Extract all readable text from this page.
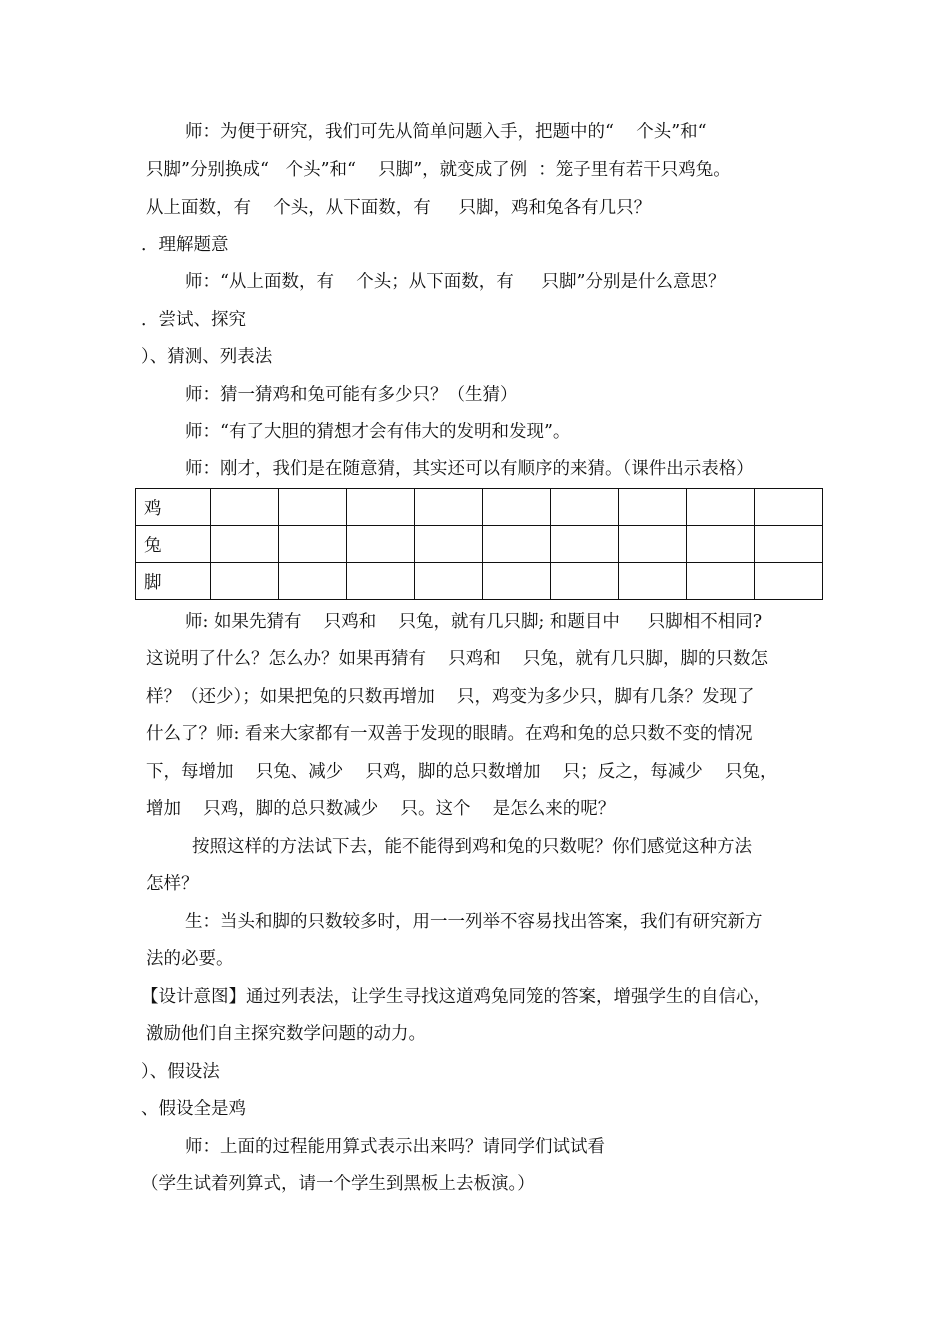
师：为便于研究，我们可先从简单问题入手，把题中的“    个头”和“
只脚”分别换成“   个头”和“    只脚”，就变成了例  ：笼子里有若干只鸡兔。
从上面数，有    个头，从下面数，有     只脚，鸡和兔各有几只？
．理解题意
师：“从上面数，有    个头；从下面数，有     只脚”分别是什么意思？
．尝试、探究
）、猜测、列表法
师：猜一猜鸡和兔可能有多少只？（生猜）
师：“有了大胆的猜想才会有伟大的发明和发现”。
师：刚才，我们是在随意猜，其实还可以有顺序的来猜。（课件出示表格）
鸡									
兔									
脚									
师: 如果先猜有    只鸡和    只兔，就有几只脚; 和题目中     只脚相不相同?
这说明了什么？怎么办？如果再猜有    只鸡和    只兔，就有几只脚，脚的只数怎
样？（还少）；如果把兔的只数再增加    只，鸡变为多少只，脚有几条？发现了
什么了？师: 看来大家都有一双善于发现的眼睛。在鸡和兔的总只数不变的情况
下，每增加    只兔、减少    只鸡，脚的总只数增加    只；反之，每减少    只兔，
增加    只鸡，脚的总只数减少    只。这个    是怎么来的呢？
按照这样的方法试下去，能不能得到鸡和兔的只数呢？你们感觉这种方法
怎样？
生：当头和脚的只数较多时，用一一列举不容易找出答案，我们有研究新方
法的必要。
【设计意图】通过列表法，让学生寻找这道鸡兔同笼的答案，增强学生的自信心，
激励他们自主探究数学问题的动力。
）、假设法
、假设全是鸡
师：上面的过程能用算式表示出来吗？请同学们试试看
（学生试着列算式，请一个学生到黑板上去板演。）
